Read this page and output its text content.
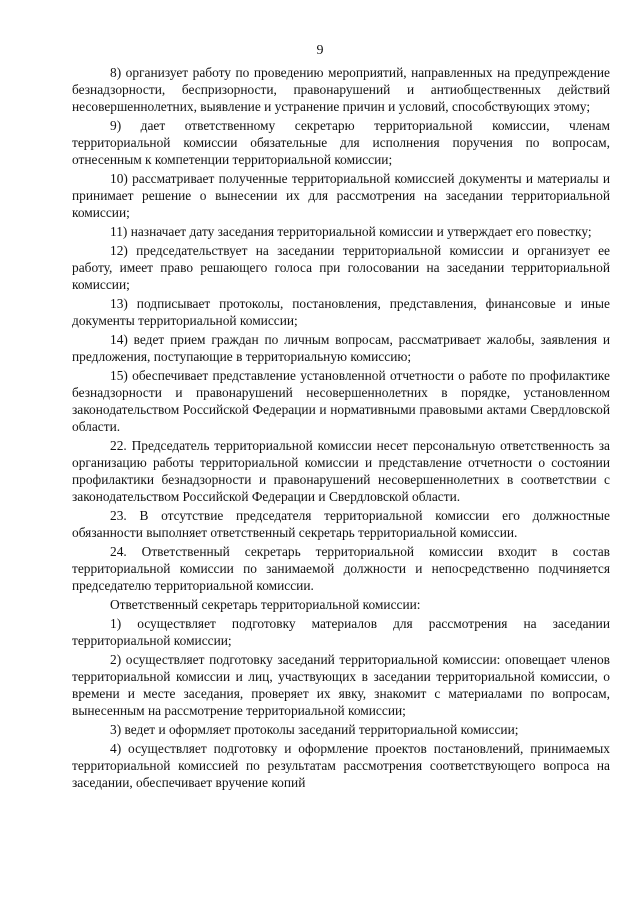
9

8) организует работу по проведению мероприятий, направленных на предупреждение безнадзорности, беспризорности, правонарушений и антиобщественных действий несовершеннолетних, выявление и устранение причин и условий, способствующих этому;

9) дает ответственному секретарю территориальной комиссии, членам территориальной комиссии обязательные для исполнения поручения по вопросам, отнесенным к компетенции территориальной комиссии;

10) рассматривает полученные территориальной комиссией документы и материалы и принимает решение о вынесении их для рассмотрения на заседании территориальной комиссии;

11) назначает дату заседания территориальной комиссии и утверждает его повестку;

12) председательствует на заседании территориальной комиссии и организует ее работу, имеет право решающего голоса при голосовании на заседании территориальной комиссии;

13) подписывает протоколы, постановления, представления, финансовые и иные документы территориальной комиссии;

14) ведет прием граждан по личным вопросам, рассматривает жалобы, заявления и предложения, поступающие в территориальную комиссию;

15) обеспечивает представление установленной отчетности о работе по профилактике безнадзорности и правонарушений несовершеннолетних в порядке, установленном законодательством Российской Федерации и нормативными правовыми актами Свердловской области.

22. Председатель территориальной комиссии несет персональную ответственность за организацию работы территориальной комиссии и представление отчетности о состоянии профилактики безнадзорности и правонарушений несовершеннолетних в соответствии с законодательством Российской Федерации и Свердловской области.

23. В отсутствие председателя территориальной комиссии его должностные обязанности выполняет ответственный секретарь территориальной комиссии.

24. Ответственный секретарь территориальной комиссии входит в состав территориальной комиссии по занимаемой должности и непосредственно подчиняется председателю территориальной комиссии.

Ответственный секретарь территориальной комиссии:

1) осуществляет подготовку материалов для рассмотрения на заседании территориальной комиссии;

2) осуществляет подготовку заседаний территориальной комиссии: оповещает членов территориальной комиссии и лиц, участвующих в заседании территориальной комиссии, о времени и месте заседания, проверяет их явку, знакомит с материалами по вопросам, вынесенным на рассмотрение территориальной комиссии;

3) ведет и оформляет протоколы заседаний территориальной комиссии;

4) осуществляет подготовку и оформление проектов постановлений, принимаемых территориальной комиссией по результатам рассмотрения соответствующего вопроса на заседании, обеспечивает вручение копий
